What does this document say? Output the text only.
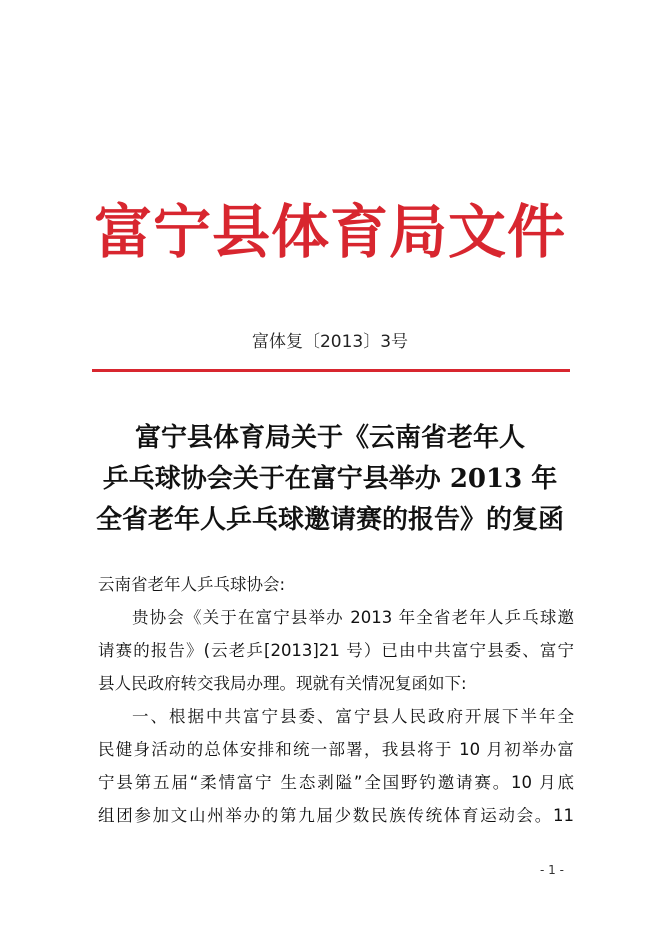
富宁县体育局文件
富体复〔2013〕3号
富宁县体育局关于《云南省老年人
乒乓球协会关于在富宁县举办 2013 年
全省老年人乒乓球邀请赛的报告》的复函
云南省老年人乒乓球协会:
贵协会《关于在富宁县举办 2013 年全省老年人乒乓球邀
请赛的报告》(云老乒[2013]21 号）已由中共富宁县委、富宁
县人民政府转交我局办理。现就有关情况复函如下:
一、根据中共富宁县委、富宁县人民政府开展下半年全
民健身活动的总体安排和统一部署，我县将于 10 月初举办富
宁县第五届“柔情富宁 生态剥隘”全国野钓邀请赛。10 月底
组团参加文山州举办的第九届少数民族传统体育运动会。11
- 1 -
